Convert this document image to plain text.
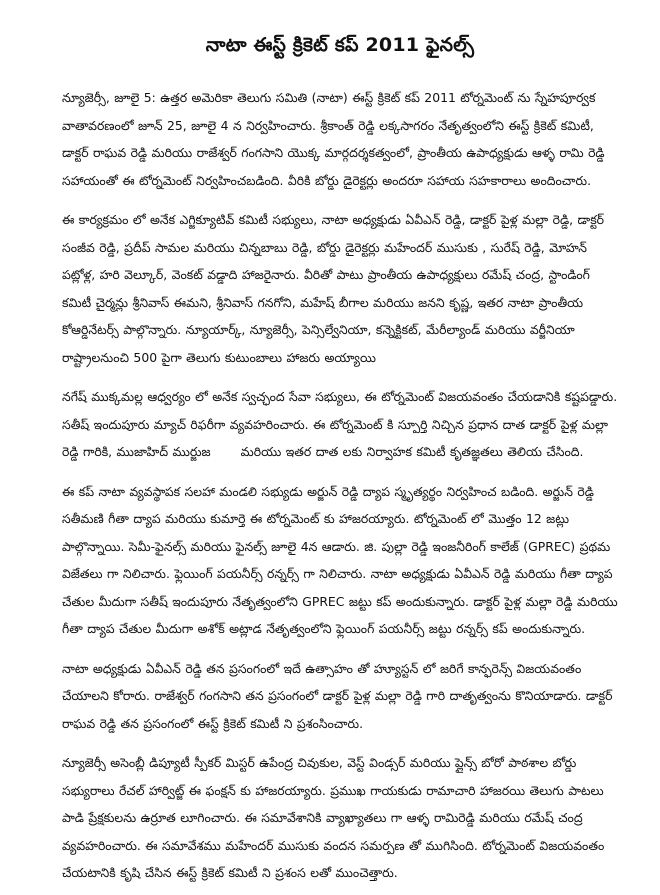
నాటా ఈస్ట్ క్రికెట్ కప్ 2011 ఫైనల్స్

న్యూజెర్సీ, జూలై 5: ఉత్తర అమెరికా తెలుగు సమితి (నాటా) ఈస్ట్ క్రికెట్ కప్ 2011 టోర్నమెంట్ ను స్నేహపూర్వక వాతావరణంలో జూన్ 25, జూలై 4 న నిర్వహించారు. శ్రీకాంత్ రెడ్డి లక్కసాగరం నేతృత్వంలోని ఈస్ట్ క్రికెట్ కమిటీ, డాక్టర్ రాఘవ రెడ్డి మరియు రాజేశ్వర్ గంగసాని యొక్క మార్గదర్శకత్వంలో, ప్రాంతీయ ఉపాధ్యక్షుడు ఆళ్ళ రామి రెడ్డి సహాయంతో ఈ టోర్నమెంట్ నిర్వహించబడింది. వీరికి బోర్డు డైరెక్టర్లు అందరూ సహాయ సహకారాలు అందించారు.

ఈ కార్యక్రమం లో అనేక ఎగ్జిక్యూటివ్ కమిటీ సభ్యులు, నాటా అధ్యక్షుడు ఏవీఎన్ రెడ్డి, డాక్టర్ పైళ్ల మల్లా రెడ్డి, డాక్టర్ సంజీవ రెడ్డి, ప్రదీప్ సామల మరియు చిన్నబాబు రెడ్డి, బోర్డు డైరెక్టర్లు మహేందర్ ముసుకు , సురేష్ రెడ్డి, మోహన్ పట్లోళ్ల, హరి వెల్కూర్, వెంకట్ వడ్డాది హాజరైనారు. వీరితో పాటు ప్రాంతీయ ఉపాధ్యక్షులు రమేష్ చంద్ర, స్టాండింగ్ కమిటీ చైర్మన్లు శ్రీనివాస్ ఈమని, శ్రీనివాస్ గనగోని, మహేష్ బీగాల మరియు జనని కృష్ణ, ఇతర నాటా ప్రాంతీయ కోఆర్డినేటర్స్ పాల్గొన్నారు. న్యూయార్క్, న్యూజెర్సీ, పెన్సిల్వేనియా, కన్నెక్టికట్, మేరీల్యాండ్ మరియు వర్జీనియా రాష్ట్రాలనుంచి 500 పైగా తెలుగు కుటుంబాలు హాజరు అయ్యాయి

నగేష్ ముక్కమల్ల ఆధ్వర్యం లో అనేక స్వచ్ఛంద సేవా సభ్యులు, ఈ టోర్నమెంట్ విజయవంతం చేయడానికి కష్టపడ్డారు. సతీష్ ఇందుపూరు మ్యాచ్ రిఫరీగా వ్యవహరించారు. ఈ టోర్నమెంట్ కి స్పూర్తి నిచ్చిన ప్రధాన దాత డాక్టర్ పైళ్ల మల్లా రెడ్డి గారికి, ముజాహిద్ ముర్జుజ మరియు ఇతర దాత లకు నిర్వాహక కమిటీ కృతజ్ఞతలు తెలియ చేసింది.

ఈ కప్ నాటా వ్యవస్థాపక సలహా మండలి సభ్యుడు అర్జున్ రెడ్డి ద్యాప స్మృత్యర్థం నిర్వహించ బడింది. అర్జున్ రెడ్డి సతీమణి గీతా ద్యాప మరియు కుమార్తె ఈ టోర్నమెంట్ కు హాజరయ్యారు. టోర్నమెంట్ లో మొత్తం 12 జట్లు పాల్గొన్నాయి. సెమీ-ఫైనల్స్ మరియు ఫైనల్స్ జూలై 4న ఆడారు. జి. పుల్లా రెడ్డి ఇంజనీరింగ్ కాలేజ్ (GPREC) ప్రథమ విజేతలు గా నిలిచారు. ఫ్లెయింగ్ పయనీర్స్ రన్నర్స్ గా నిలిచారు. నాటా అధ్యక్షుడు ఏవీఎన్ రెడ్డి మరియు గీతా ద్యాప చేతుల మీదుగా సతీష్ ఇందుపూరు నేతృత్వంలోని GPREC జట్టు కప్ అందుకున్నారు. డాక్టర్ పైళ్ల మల్లా రెడ్డి మరియు గీతా ద్యాప చేతుల మీదుగా అశోక్ అట్లాడ నేతృత్వంలోని ఫ్లెయింగ్ పయనీర్స్ జట్టు రన్నర్స్ కప్ అందుకున్నారు.

నాటా అధ్యక్షుడు ఏవీఎన్ రెడ్డి తన ప్రసంగంలో ఇదే ఉత్సాహం తో హ్యూస్టన్ లో జరిగే కాన్ఫరెన్స్ విజయవంతం చేయాలని కోరారు. రాజేశ్వర్ గంగసాని తన ప్రసంగంలో డాక్టర్ పైళ్ల మల్లా రెడ్డి గారి దాతృత్వంను కొనియాడారు. డాక్టర్ రాఘవ రెడ్డి తన ప్రసంగంలో ఈస్ట్ క్రికెట్ కమిటీ ని ప్రశంసించారు.

న్యూజెర్సీ అసెంబ్లీ డిప్యూటీ స్పీకర్ మిస్టర్ ఉపేంద్ర చివుకుల, వెస్ట్ విండ్సర్ మరియు ప్లైన్స్ బోరో పాఠశాల బోర్డు సభ్యురాలు రేచల్ హార్విట్జ్ ఈ ఫంక్షన్ కు హాజరయ్యారు. ప్రముఖ గాయకుడు రామాచారి హాజరయి తెలుగు పాటలు పాడి ప్రేక్షకులను ఉర్రూత లూగించారు. ఈ సమావేశానికి వ్యాఖ్యాతలు గా ఆళ్ళ రామిరెడ్డి మరియు రమేష్ చంద్ర వ్యవహరించారు. ఈ సమావేశము మహేందర్ ముసుకు వందన సమర్పణ తో ముగిసింది. టోర్నమెంట్ విజయవంతం చేయటానికి కృషి చేసిన ఈస్ట్ క్రికెట్ కమిటీ ని ప్రశంస లతో ముంచెత్తారు.
